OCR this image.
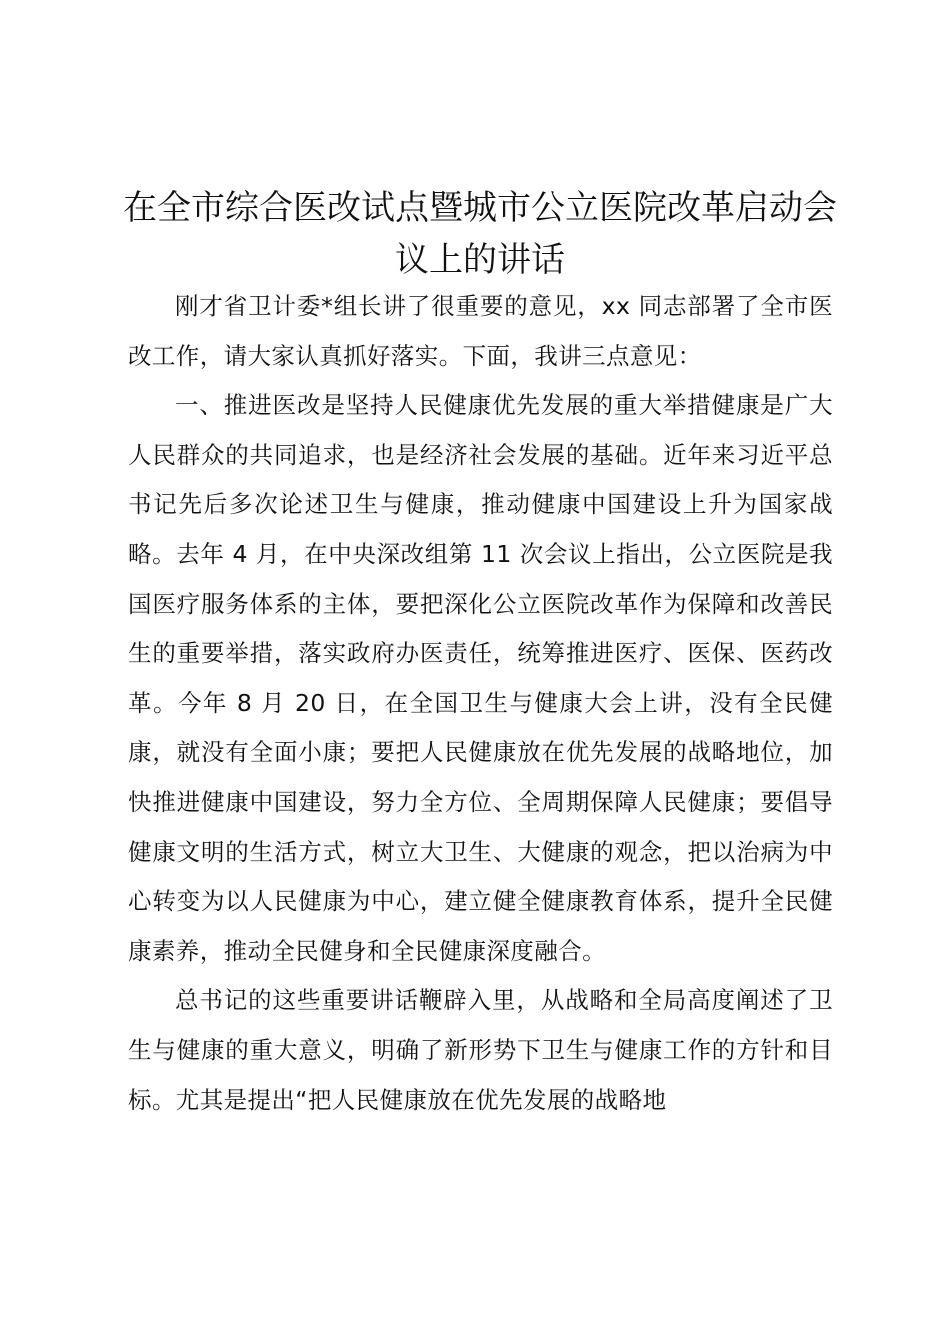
在全市综合医改试点暨城市公立医院改革启动会议上的讲话

刚才省卫计委*组长讲了很重要的意见，xx 同志部署了全市医改工作，请大家认真抓好落实。下面，我讲三点意见：

一、推进医改是坚持人民健康优先发展的重大举措健康是广大人民群众的共同追求，也是经济社会发展的基础。近年来习近平总书记先后多次论述卫生与健康，推动健康中国建设上升为国家战略。去年 4 月，在中央深改组第 11 次会议上指出，公立医院是我国医疗服务体系的主体，要把深化公立医院改革作为保障和改善民生的重要举措，落实政府办医责任，统筹推进医疗、医保、医药改革。今年 8 月 20 日，在全国卫生与健康大会上讲，没有全民健康，就没有全面小康；要把人民健康放在优先发展的战略地位，加快推进健康中国建设，努力全方位、全周期保障人民健康；要倡导健康文明的生活方式，树立大卫生、大健康的观念，把以治病为中心转变为以人民健康为中心，建立健全健康教育体系，提升全民健康素养，推动全民健身和全民健康深度融合。

总书记的这些重要讲话鞭辟入里，从战略和全局高度阐述了卫生与健康的重大意义，明确了新形势下卫生与健康工作的方针和目标。尤其是提出“把人民健康放在优先发展的战略地
